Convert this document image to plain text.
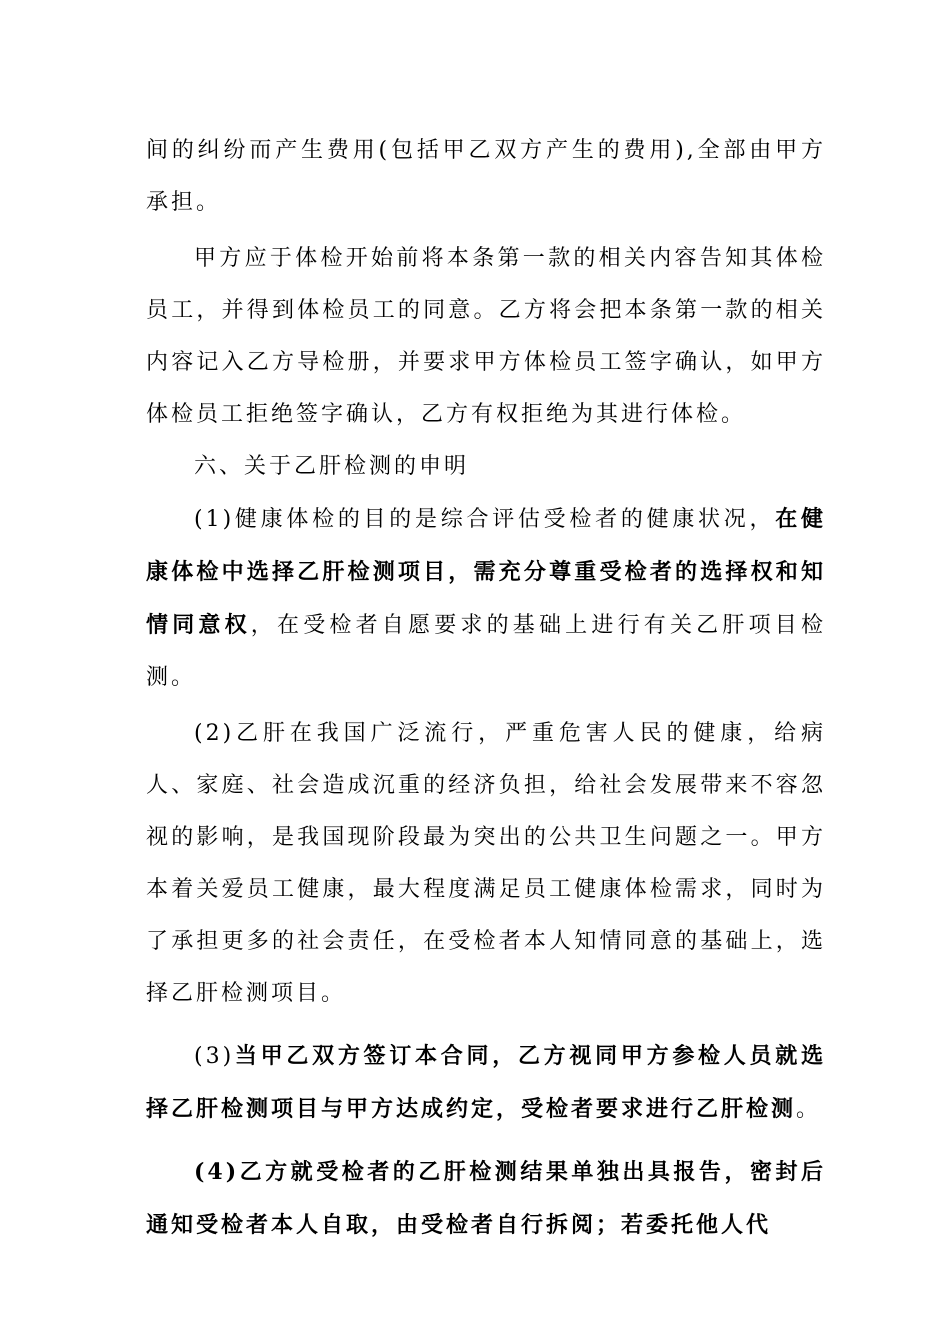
间的纠纷而产生费用(包括甲乙双方产生的费用),全部由甲方承担。

甲方应于体检开始前将本条第一款的相关内容告知其体检员工，并得到体检员工的同意。乙方将会把本条第一款的相关内容记入乙方导检册，并要求甲方体检员工签字确认，如甲方体检员工拒绝签字确认，乙方有权拒绝为其进行体检。

六、关于乙肝检测的申明

(1)健康体检的目的是综合评估受检者的健康状况，在健康体检中选择乙肝检测项目，需充分尊重受检者的选择权和知情同意权，在受检者自愿要求的基础上进行有关乙肝项目检测。

(2)乙肝在我国广泛流行，严重危害人民的健康，给病人、家庭、社会造成沉重的经济负担，给社会发展带来不容忽视的影响，是我国现阶段最为突出的公共卫生问题之一。甲方本着关爱员工健康，最大程度满足员工健康体检需求，同时为了承担更多的社会责任，在受检者本人知情同意的基础上，选择乙肝检测项目。

(3)当甲乙双方签订本合同，乙方视同甲方参检人员就选择乙肝检测项目与甲方达成约定，受检者要求进行乙肝检测。

(4)乙方就受检者的乙肝检测结果单独出具报告，密封后通知受检者本人自取，由受检者自行拆阅；若委托他人代
